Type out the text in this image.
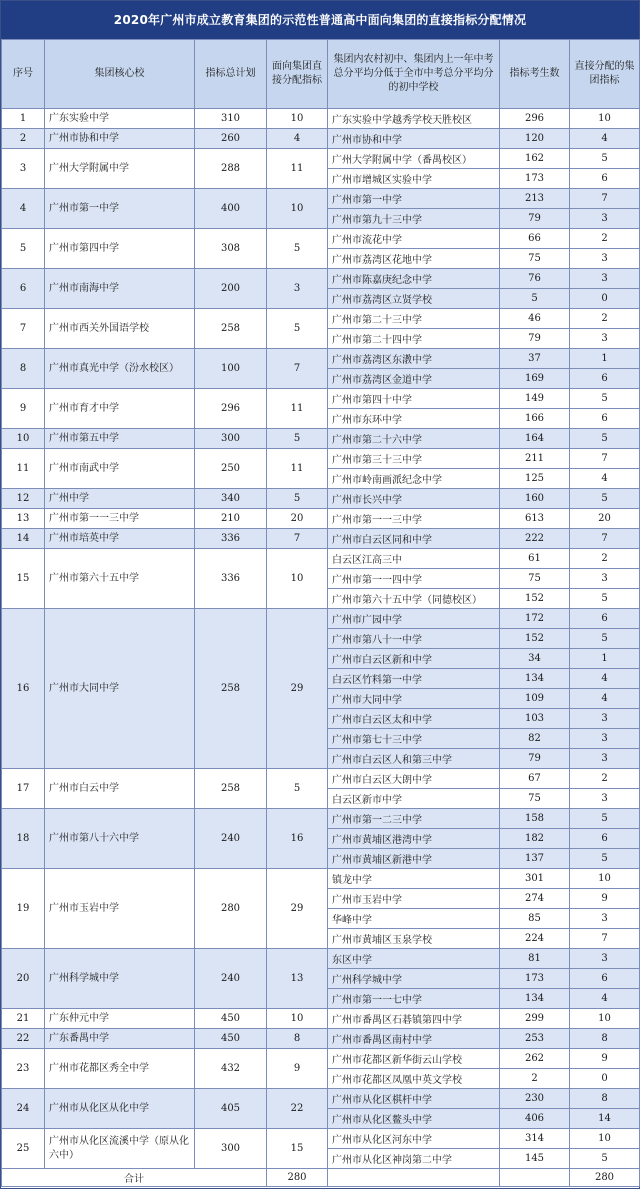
2020年广州市成立教育集团的示范性普通高中面向集团的直接指标分配情况
序号	集团核心校	指标总计划	面向集团直接分配指标	集团内农村初中、集团内上一年中考总分平均分低于全市中考总分平均分的初中学校	指标考生数	直接分配的集团指标
1	广东实验中学	310	10	广东实验中学越秀学校天胜校区	296	10
2	广州市协和中学	260	4	广州市协和中学	120	4
3	广州大学附属中学	288	11	广州大学附属中学（番禺校区）	162	5
				广州市增城区实验中学	173	6
4	广州市第一中学	400	10	广州市第一中学	213	7
				广州市第九十三中学	79	3
5	广州市第四中学	308	5	广州市流花中学	66	2
				广州市荔湾区花地中学	75	3
6	广州市南海中学	200	3	广州市陈嘉庚纪念中学	76	3
				广州市荔湾区立贤学校	5	0
7	广州市西关外国语学校	258	5	广州市第二十三中学	46	2
				广州市第二十四中学	79	3
8	广州市真光中学（汾水校区）	100	7	广州市荔湾区东漖中学	37	1
				广州市荔湾区金道中学	169	6
9	广州市育才中学	296	11	广州市第四十中学	149	5
				广州市东环中学	166	6
10	广州市第五中学	300	5	广州市第二十六中学	164	5
11	广州市南武中学	250	11	广州市第三十三中学	211	7
				广州市岭南画派纪念中学	125	4
12	广州中学	340	5	广州市长兴中学	160	5
13	广州市第一一三中学	210	20	广州市第一一三中学	613	20
14	广州市培英中学	336	7	广州市白云区同和中学	222	7
15	广州市第六十五中学	336	10	白云区江高三中	61	2
				广州市第一一四中学	75	3
				广州市第六十五中学（同德校区）	152	5
16	广州市大同中学	258	29	广州市广园中学	172	6
				广州市第八十一中学	152	5
				广州市白云区新和中学	34	1
				白云区竹料第一中学	134	4
				广州市大同中学	109	4
				广州市白云区太和中学	103	3
				广州市第七十三中学	82	3
				广州市白云区人和第三中学	79	3
17	广州市白云中学	258	5	广州市白云区大朗中学	67	2
				白云区新市中学	75	3
18	广州市第八十六中学	240	16	广州市第一二三中学	158	5
				广州市黄埔区港湾中学	182	6
				广州市黄埔区新港中学	137	5
19	广州市玉岩中学	280	29	镇龙中学	301	10
				广州市玉岩中学	274	9
				华峰中学	85	3
				广州市黄埔区玉泉学校	224	7
20	广州科学城中学	240	13	东区中学	81	3
				广州科学城中学	173	6
				广州市第一一七中学	134	4
21	广东仲元中学	450	10	广州市番禺区石碁镇第四中学	299	10
22	广东番禺中学	450	8	广州市番禺区南村中学	253	8
23	广州市花都区秀全中学	432	9	广州市花都区新华街云山学校	262	9
				广州市花都区凤凰中英文学校	2	0
24	广州市从化区从化中学	405	22	广州市从化区棋杆中学	230	8
				广州市从化区鳌头中学	406	14
25	广州市从化区流溪中学（原从化六中）	300	15	广州市从化区河东中学	314	10
				广州市从化区神岗第二中学	145	5
合计			280			280
